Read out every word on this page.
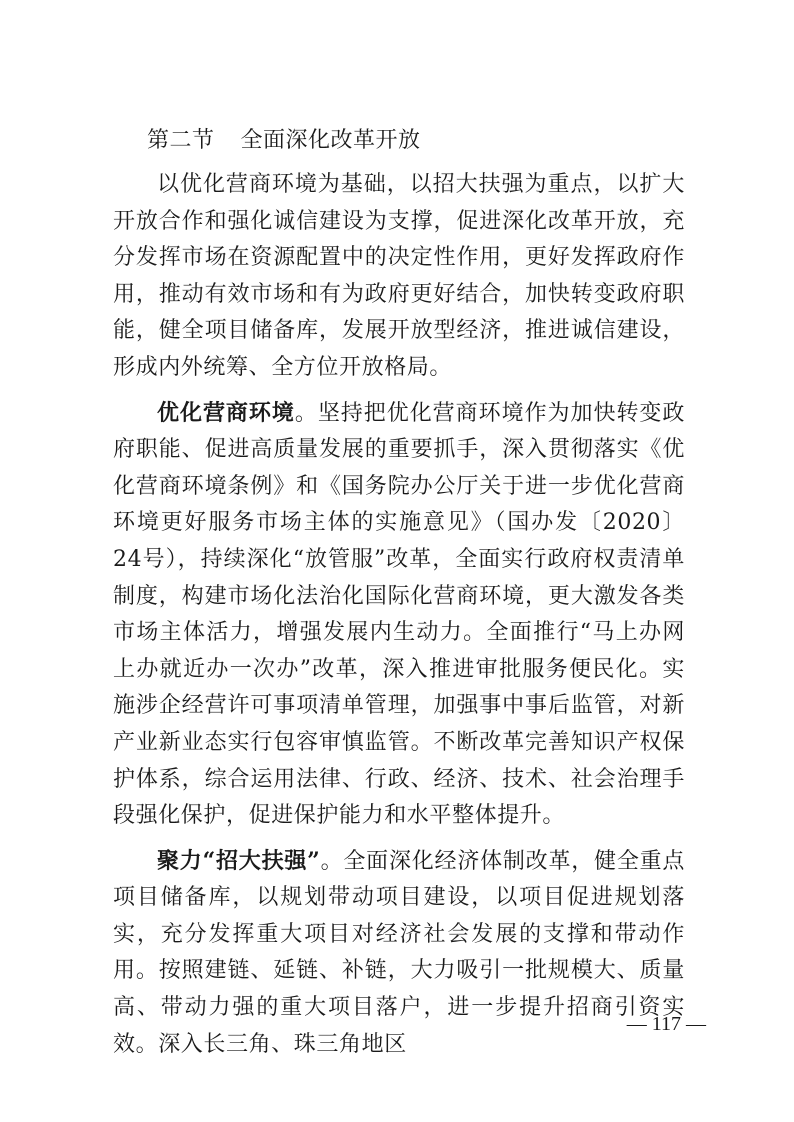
第二节 全面深化改革开放

以优化营商环境为基础，以招大扶强为重点，以扩大开放合作和强化诚信建设为支撑，促进深化改革开放，充分发挥市场在资源配置中的决定性作用，更好发挥政府作用，推动有效市场和有为政府更好结合，加快转变政府职能，健全项目储备库，发展开放型经济，推进诚信建设，形成内外统筹、全方位开放格局。

优化营商环境。坚持把优化营商环境作为加快转变政府职能、促进高质量发展的重要抓手，深入贯彻落实《优化营商环境条例》和《国务院办公厅关于进一步优化营商环境更好服务市场主体的实施意见》（国办发〔2020〕24号），持续深化“放管服”改革，全面实行政府权责清单制度，构建市场化法治化国际化营商环境，更大激发各类市场主体活力，增强发展内生动力。全面推行“马上办网上办就近办一次办”改革，深入推进审批服务便民化。实施涉企经营许可事项清单管理，加强事中事后监管，对新产业新业态实行包容审慎监管。不断改革完善知识产权保护体系，综合运用法律、行政、经济、技术、社会治理手段强化保护，促进保护能力和水平整体提升。

聚力“招大扶强”。全面深化经济体制改革，健全重点项目储备库，以规划带动项目建设，以项目促进规划落实，充分发挥重大项目对经济社会发展的支撑和带动作用。按照建链、延链、补链，大力吸引一批规模大、质量高、带动力强的重大项目落户，进一步提升招商引资实效。深入长三角、珠三角地区

— 117 —
